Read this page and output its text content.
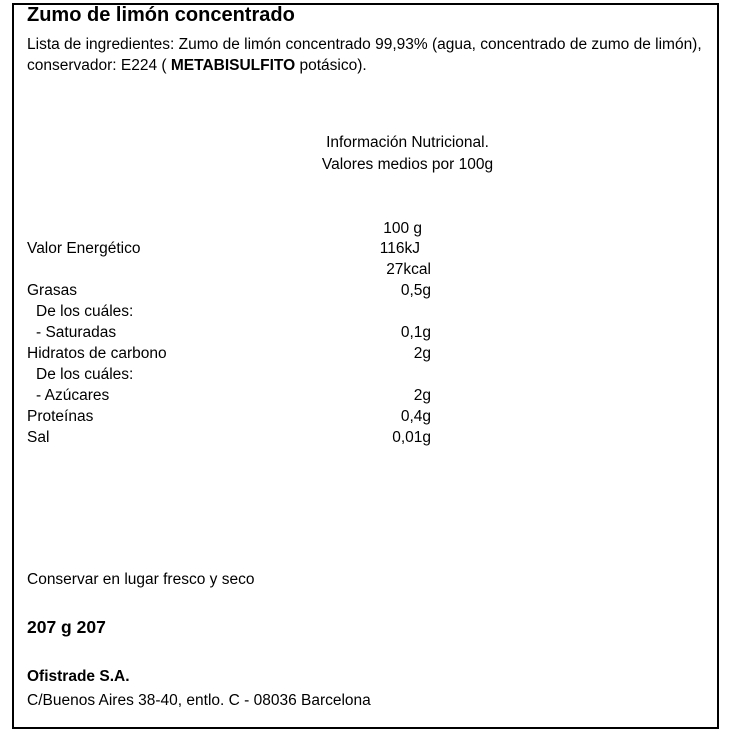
Zumo de limón concentrado
Lista de ingredientes: Zumo de limón concentrado 99,93% (agua, concentrado de zumo de limón), conservador: E224 ( METABISULFITO potásico).
Información Nutricional.
Valores medios por 100g
100 g
Valor Energético	116kJ
27kcal
Grasas	0,5g
De los cuáles:
- Saturadas	0,1g
Hidratos de carbono	2g
De los cuáles:
- Azúcares	2g
Proteínas	0,4g
Sal	0,01g
Conservar en lugar fresco y seco
207 g 207
Ofistrade S.A.
C/Buenos Aires 38-40, entlo. C - 08036 Barcelona
